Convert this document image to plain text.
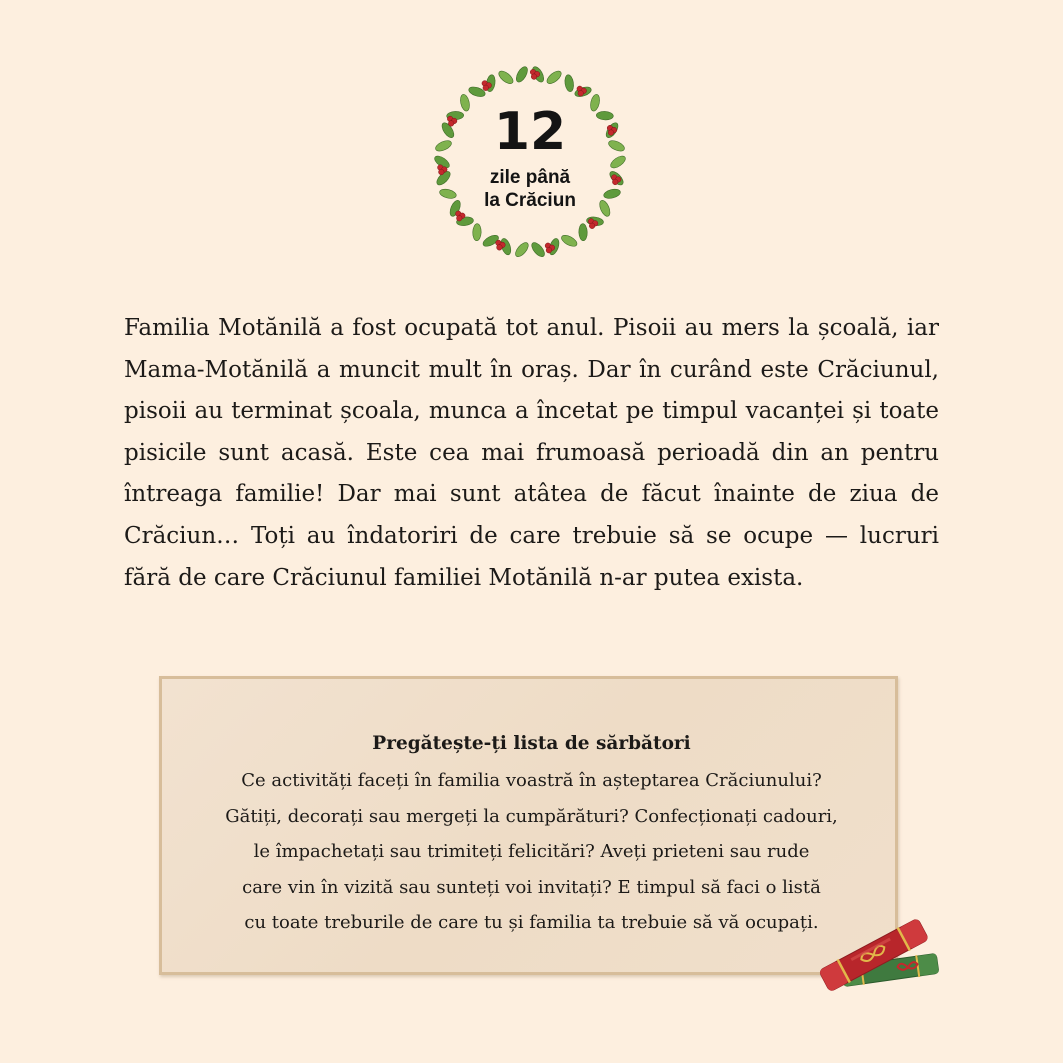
12
zile până
la Crăciun

Familia Motănilă a fost ocupată tot anul. Pisoii au mers la școală, iar Mama-Motănilă a muncit mult în oraș. Dar în curând este Crăciunul, pisoii au terminat școala, munca a încetat pe timpul vacanței și toate pisicile sunt acasă. Este cea mai frumoasă perioadă din an pentru întreaga familie! Dar mai sunt atâtea de făcut înainte de ziua de Crăciun… Toți au îndatoriri de care trebuie să se ocupe — lucruri fără de care Crăciunul familiei Motănilă n-ar putea exista.

Pregătește-ți lista de sărbători
Ce activități faceți în familia voastră în așteptarea Crăciunului?
Gătiți, decorați sau mergeți la cumpărături? Confecționați cadouri,
le împachetați sau trimiteți felicitări? Aveți prieteni sau rude
care vin în vizită sau sunteți voi invitați? E timpul să faci o listă
cu toate treburile de care tu și familia ta trebuie să vă ocupați.
